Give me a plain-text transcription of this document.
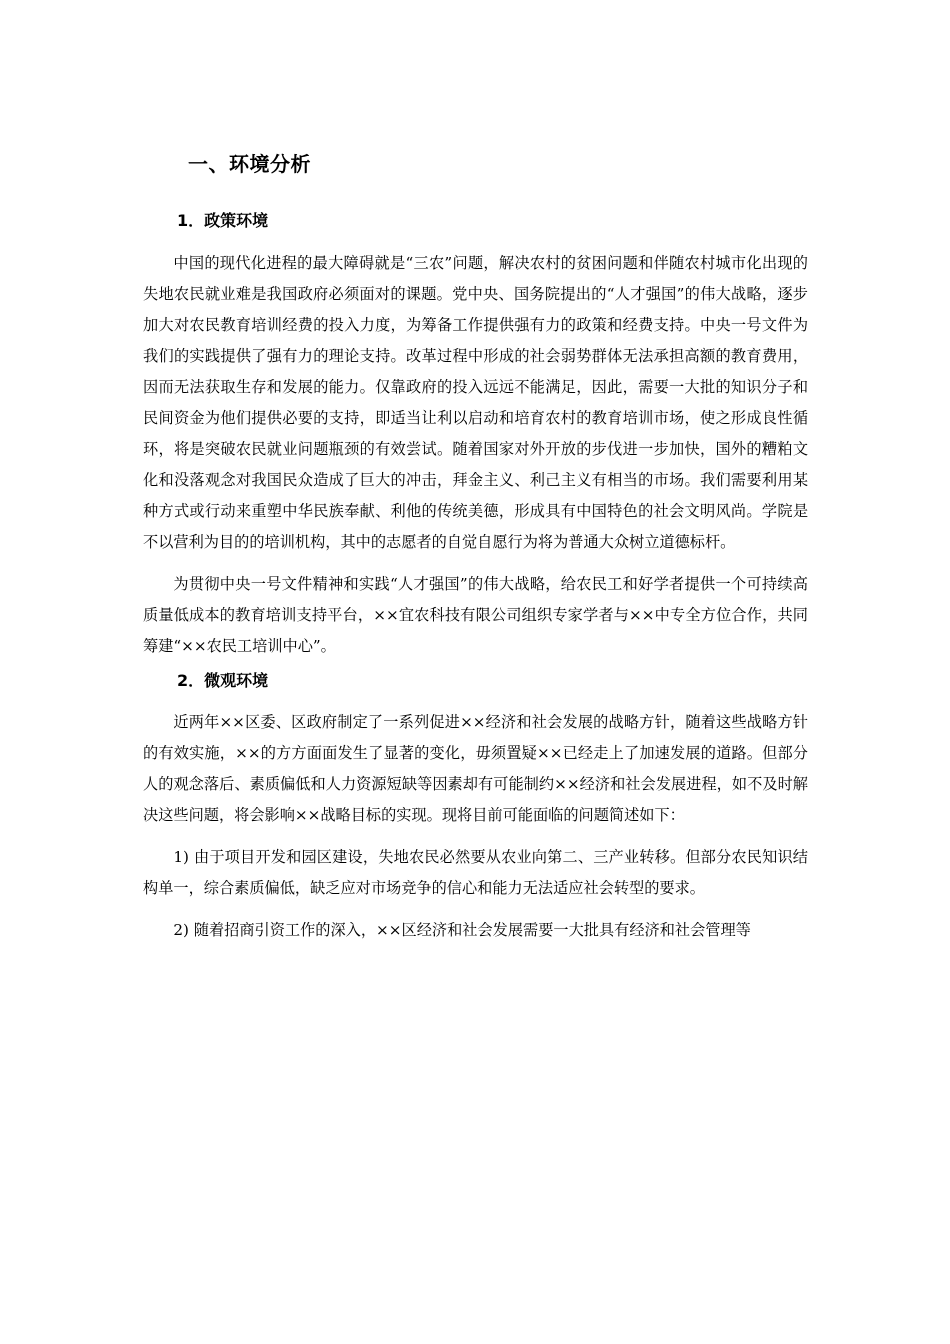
一、环境分析
1．政策环境

中国的现代化进程的最大障碍就是“三农”问题，解决农村的贫困问题和伴随农村城市化出现的失地农民就业难是我国政府必须面对的课题。党中央、国务院提出的“人才强国”的伟大战略，逐步加大对农民教育培训经费的投入力度，为筹备工作提供强有力的政策和经费支持。中央一号文件为我们的实践提供了强有力的理论支持。改革过程中形成的社会弱势群体无法承担高额的教育费用，因而无法获取生存和发展的能力。仅靠政府的投入远远不能满足，因此，需要一大批的知识分子和民间资金为他们提供必要的支持，即适当让利以启动和培育农村的教育培训市场，使之形成良性循环，将是突破农民就业问题瓶颈的有效尝试。随着国家对外开放的步伐进一步加快，国外的糟粕文化和没落观念对我国民众造成了巨大的冲击，拜金主义、利己主义有相当的市场。我们需要利用某种方式或行动来重塑中华民族奉献、利他的传统美德，形成具有中国特色的社会文明风尚。学院是不以营利为目的的培训机构，其中的志愿者的自觉自愿行为将为普通大众树立道德标杆。

为贯彻中央一号文件精神和实践“人才强国”的伟大战略，给农民工和好学者提供一个可持续高质量低成本的教育培训支持平台，××宜农科技有限公司组织专家学者与××中专全方位合作，共同筹建“××农民工培训中心”。

2．微观环境

近两年××区委、区政府制定了一系列促进××经济和社会发展的战略方针，随着这些战略方针的有效实施，××的方方面面发生了显著的变化，毋须置疑××已经走上了加速发展的道路。但部分人的观念落后、素质偏低和人力资源短缺等因素却有可能制约××经济和社会发展进程，如不及时解决这些问题，将会影响××战略目标的实现。现将目前可能面临的问题简述如下：

1) 由于项目开发和园区建设，失地农民必然要从农业向第二、三产业转移。但部分农民知识结构单一，综合素质偏低，缺乏应对市场竞争的信心和能力无法适应社会转型的要求。

2) 随着招商引资工作的深入，××区经济和社会发展需要一大批具有经济和社会管理等
